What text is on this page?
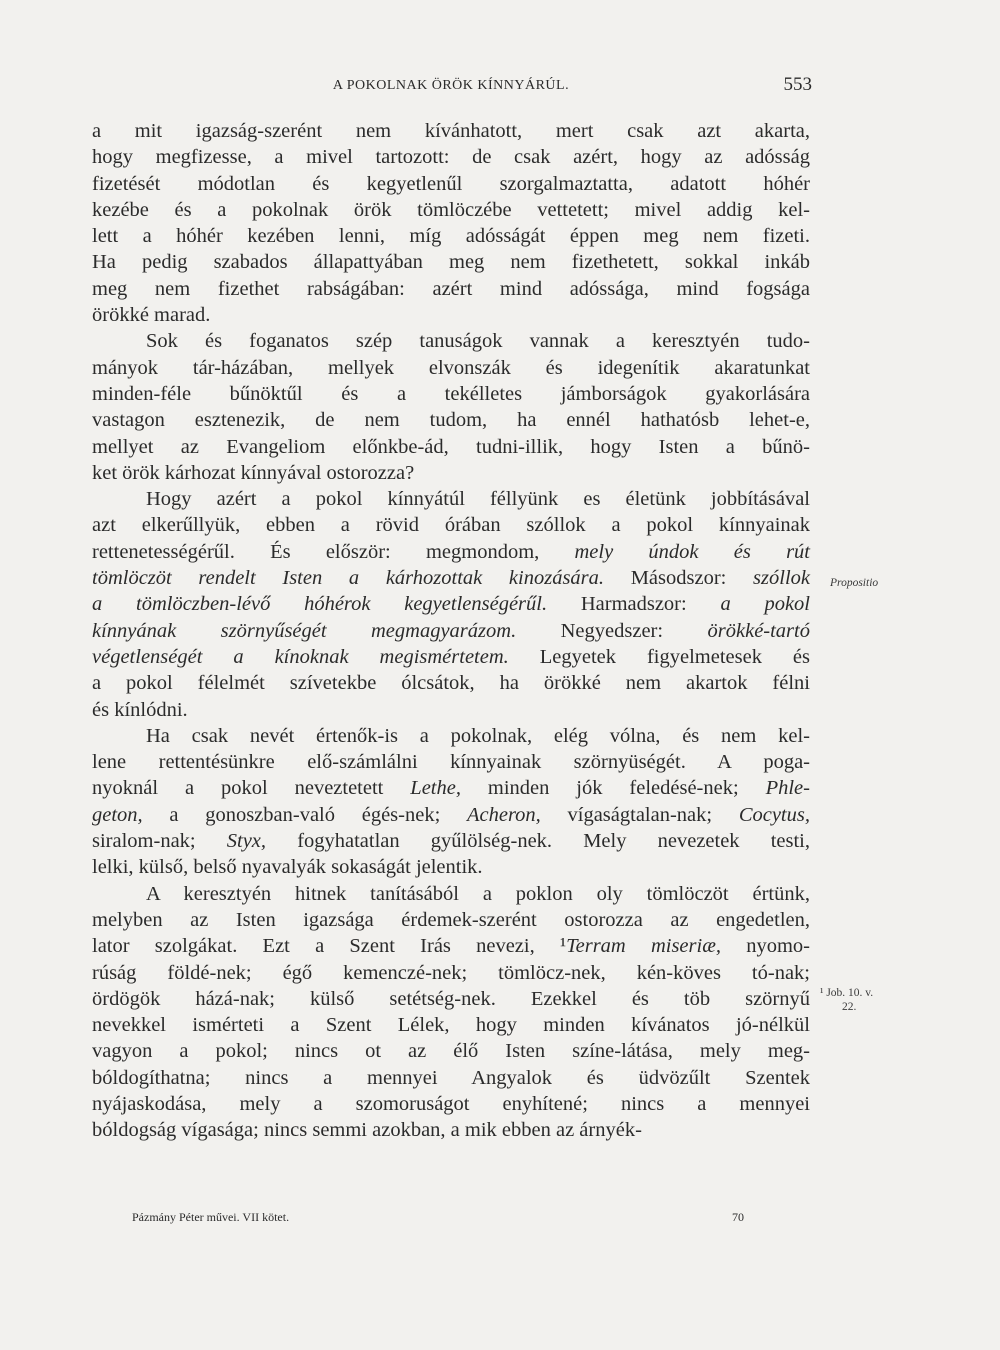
A POKOLNAK ÖRÖK KÍNNYÁRÚL.	553
a mit igazság-szerént nem kívánhatott, mert csak azt akarta,
hogy megfizesse, a mivel tartozott: de csak azért, hogy az adósság
fizetését módotlan és kegyetlenűl szorgalmaztatta, adatott hóhér
kezébe és a pokolnak örök tömlöczébe vettetett; mivel addig kel-
lett a hóhér kezében lenni, míg adósságát éppen meg nem fizeti.
Ha pedig szabados állapattyában meg nem fizethetett, sokkal inkáb
meg nem fizethet rabságában: azért mind adóssága, mind fogsága
örökké marad.
Sok és foganatos szép tanuságok vannak a keresztyén tudo-
mányok tár-házában, mellyek elvonszák és idegenítik akaratunkat
minden-féle bűnöktűl és a tekélletes jámborságok gyakorlására
vastagon esztenezik, de nem tudom, ha ennél hathatósb lehet-e,
mellyet az Evangeliom előnkbe-ád, tudni-illik, hogy Isten a bűnö-
ket örök kárhozat kínnyával ostorozza?
Hogy azért a pokol kínnyátúl féllyünk es életünk jobbításával
azt elkerűllyük, ebben a rövid órában szóllok a pokol kínnyainak
rettenetességérűl. És először: megmondom, mely úndok és rút
tömlöczöt rendelt Isten a kárhozottak kinozására. Másodszor: szóllok
a tömlöczben-lévő hóhérok kegyetlenségérűl. Harmadszor: a pokol
kínnyának szörnyűségét megmagyarázom. Negyedszer: örökké-tartó
végetlenségét a kínoknak megismértetem. Legyetek figyelmetesek és
a pokol félelmét szívetekbe ólcsátok, ha örökké nem akartok félni
és kínlódni.
Ha csak nevét értenők-is a pokolnak, elég vólna, és nem kel-
lene rettentésünkre elő-számlálni kínnyainak szörnyüségét. A poga-
nyoknál a pokol neveztetett Lethe, minden jók feledésé-nek; Phle-
geton, a gonoszban-való égés-nek; Acheron, vígaságtalan-nak; Cocytus,
siralom-nak; Styx, fogyhatatlan gyűlölség-nek. Mely nevezetek testi,
lelki, külső, belső nyavalyák sokaságát jelentik.
A keresztyén hitnek tanításából a poklon oly tömlöczöt értünk,
melyben az Isten igazsága érdemek-szerént ostorozza az engedetlen,
lator szolgákat. Ezt a Szent Irás nevezi, ¹Terram miseriæ, nyomo-
rúság földé-nek; égő kemenczé-nek; tömlöcz-nek, kén-köves tó-nak;
ördögök házá-nak; külső setétség-nek. Ezekkel és töb szörnyű
nevekkel ismérteti a Szent Lélek, hogy minden kívánatos jó-nélkül
vagyon a pokol; nincs ot az élő Isten színe-látása, mely meg-
bóldogíthatna; nincs a mennyei Angyalok és üdvözűlt Szentek
nyájaskodása, mely a szomoruságot enyhítené; nincs a mennyei
bóldogság vígasága; nincs semmi azokban, a mik ebben az árnyék-
Propositio
¹ Job. 10. v.
22.
Pázmány Péter művei. VII kötet.	70
